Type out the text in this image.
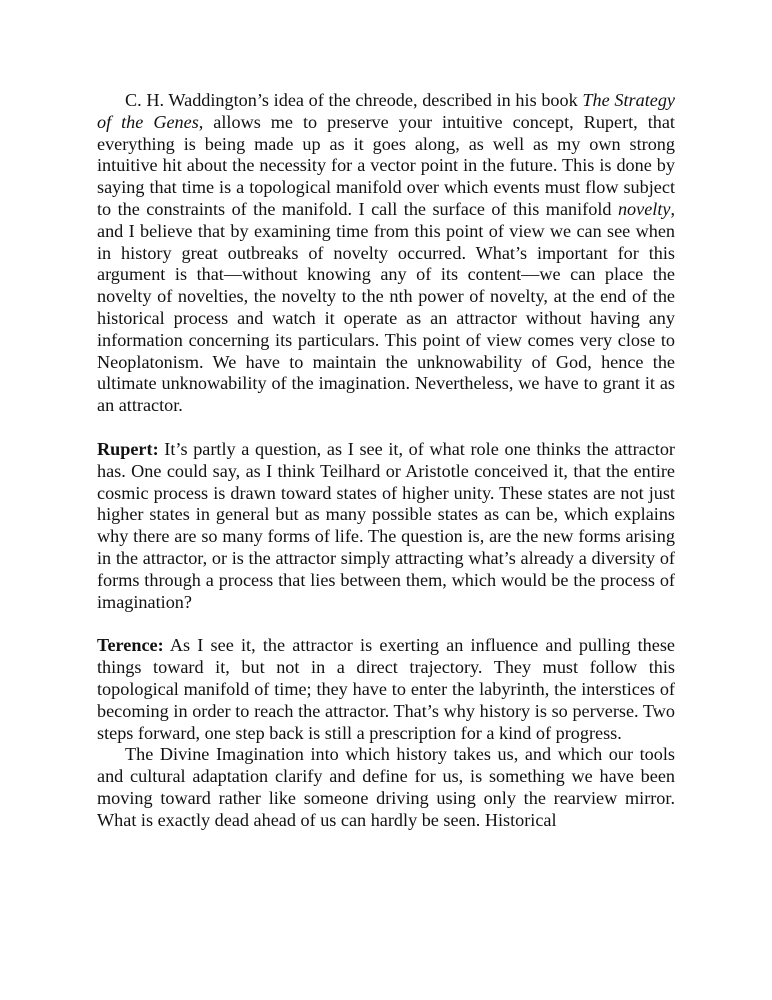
C. H. Waddington’s idea of the chreode, described in his book The Strategy of the Genes, allows me to preserve your intuitive concept, Rupert, that everything is being made up as it goes along, as well as my own strong intuitive hit about the necessity for a vector point in the future. This is done by saying that time is a topological manifold over which events must flow subject to the constraints of the manifold. I call the surface of this manifold novelty, and I believe that by examining time from this point of view we can see when in history great outbreaks of novelty occurred. What’s important for this argument is that—without knowing any of its content—we can place the novelty of novelties, the novelty to the nth power of novelty, at the end of the historical process and watch it operate as an attractor without having any information concerning its particulars. This point of view comes very close to Neoplatonism. We have to maintain the unknowability of God, hence the ultimate unknowability of the imagination. Nevertheless, we have to grant it as an attractor.

Rupert: It’s partly a question, as I see it, of what role one thinks the attractor has. One could say, as I think Teilhard or Aristotle conceived it, that the entire cosmic process is drawn toward states of higher unity. These states are not just higher states in general but as many possible states as can be, which explains why there are so many forms of life. The question is, are the new forms arising in the attractor, or is the attractor simply attracting what’s already a diversity of forms through a process that lies between them, which would be the process of imagination?

Terence: As I see it, the attractor is exerting an influence and pulling these things toward it, but not in a direct trajectory. They must follow this topological manifold of time; they have to enter the labyrinth, the interstices of becoming in order to reach the attractor. That’s why history is so perverse. Two steps forward, one step back is still a prescription for a kind of progress.

The Divine Imagination into which history takes us, and which our tools and cultural adaptation clarify and define for us, is something we have been moving toward rather like someone driving using only the rearview mirror. What is exactly dead ahead of us can hardly be seen. Historical
